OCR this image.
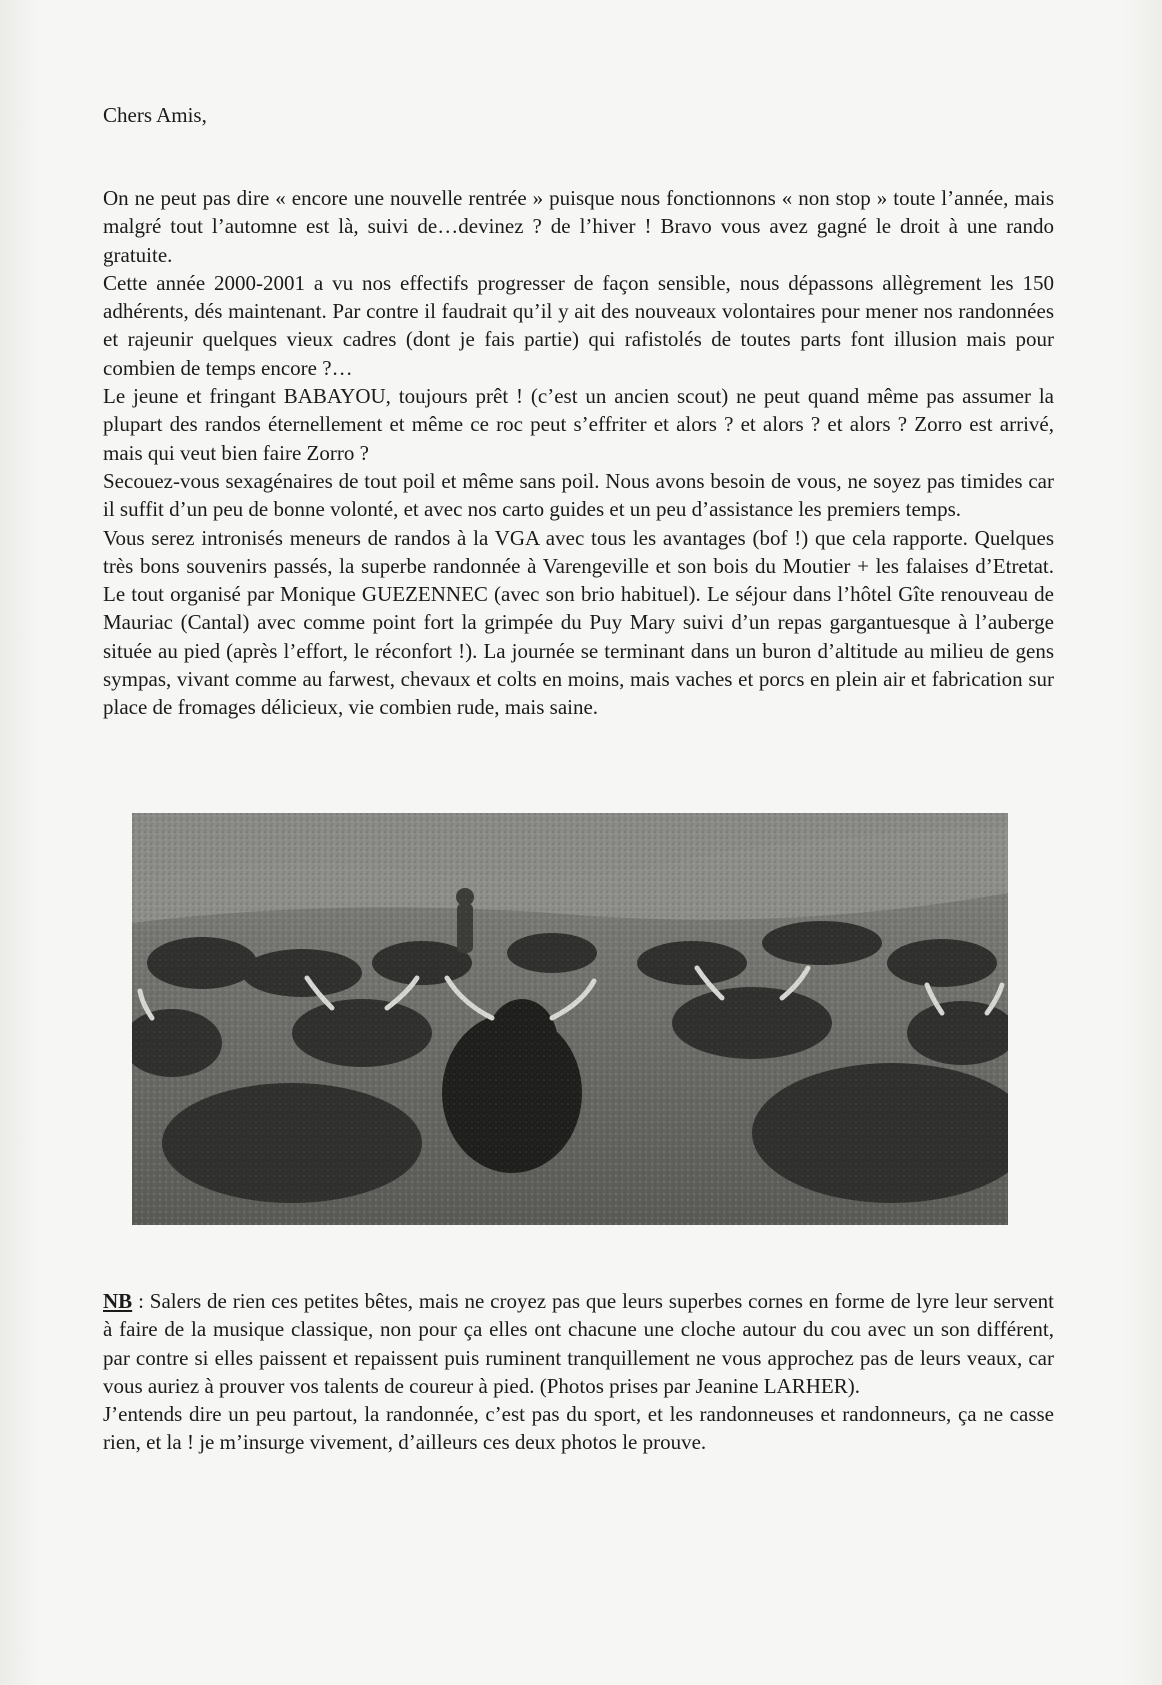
Chers Amis,

On ne peut pas dire « encore une nouvelle rentrée » puisque nous fonctionnons « non stop » toute l’année, mais malgré tout l’automne est là, suivi de…devinez ? de l’hiver ! Bravo vous avez gagné le droit à une rando gratuite.

Cette année 2000-2001 a vu nos effectifs progresser de façon sensible, nous dépassons allègrement les 150 adhérents, dés maintenant. Par contre il faudrait qu’il y ait des nouveaux volontaires pour mener nos randonnées et rajeunir quelques vieux cadres (dont je fais partie) qui rafistolés de toutes parts font illusion mais pour combien de temps encore ?…

Le jeune et fringant BABAYOU, toujours prêt ! (c’est un ancien scout) ne peut quand même pas assumer la plupart des randos éternellement et même ce roc peut s’effriter et alors ? et alors ? et alors ? Zorro est arrivé, mais qui veut bien faire Zorro ?

Secouez-vous sexagénaires de tout poil et même sans poil. Nous avons besoin de vous, ne soyez pas timides car il suffit d’un peu de bonne volonté, et avec nos carto guides et un peu d’assistance les premiers temps.

Vous serez intronisés meneurs de randos à la VGA avec tous les avantages (bof !) que cela rapporte. Quelques très bons souvenirs passés, la superbe randonnée à Varengeville et son bois du Moutier + les falaises d’Etretat. Le tout organisé par Monique GUEZENNEC (avec son brio habituel). Le séjour dans l’hôtel Gîte renouveau de Mauriac (Cantal) avec comme point fort la grimpée du Puy Mary suivi d’un repas gargantuesque à l’auberge située au pied (après l’effort, le réconfort !). La journée se terminant dans un buron d’altitude au milieu de gens sympas, vivant comme au farwest, chevaux et colts en moins, mais vaches et porcs en plein air et fabrication sur place de fromages délicieux, vie combien rude, mais saine.

NB : Salers de rien ces petites bêtes, mais ne croyez pas que leurs superbes cornes en forme de lyre leur servent à faire de la musique classique, non pour ça elles ont chacune une cloche autour du cou avec un son différent, par contre si elles paissent et repaissent puis ruminent tranquillement ne vous approchez pas de leurs veaux, car vous auriez à prouver vos talents de coureur à pied. (Photos prises par Jeanine LARHER).

J’entends dire un peu partout, la randonnée, c’est pas du sport, et les randonneuses et randonneurs, ça ne casse rien, et la ! je m’insurge vivement, d’ailleurs ces deux photos le prouve.
